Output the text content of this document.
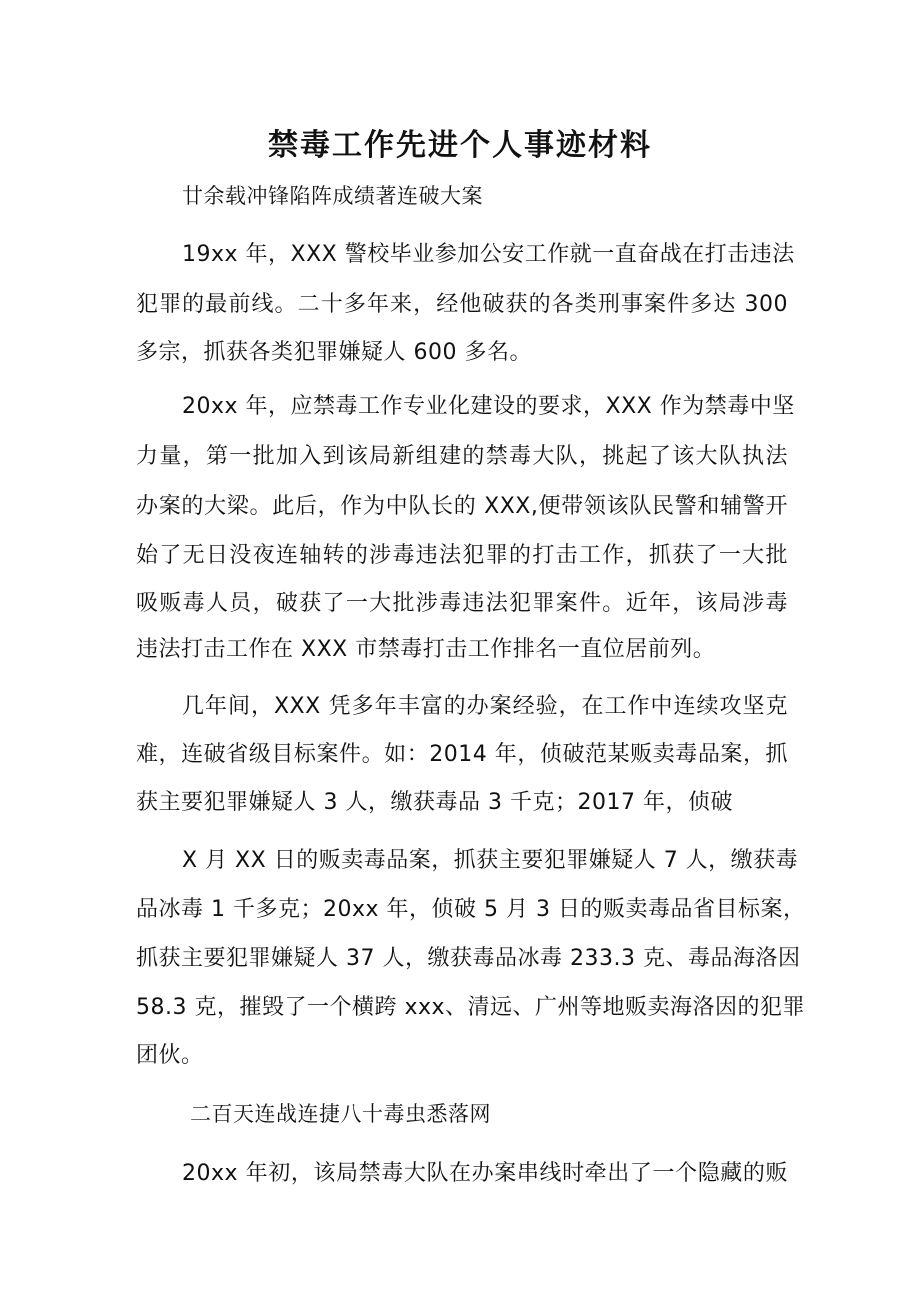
禁毒工作先进个人事迹材料
廿余载冲锋陷阵成绩著连破大案
19xx 年，XXX 警校毕业参加公安工作就一直奋战在打击违法
犯罪的最前线。二十多年来，经他破获的各类刑事案件多达 300
多宗，抓获各类犯罪嫌疑人 600 多名。
20xx 年，应禁毒工作专业化建设的要求，XXX 作为禁毒中坚
力量，第一批加入到该局新组建的禁毒大队，挑起了该大队执法
办案的大梁。此后，作为中队长的 XXX,便带领该队民警和辅警开
始了无日没夜连轴转的涉毒违法犯罪的打击工作，抓获了一大批
吸贩毒人员，破获了一大批涉毒违法犯罪案件。近年，该局涉毒
违法打击工作在 XXX 市禁毒打击工作排名一直位居前列。
几年间，XXX 凭多年丰富的办案经验，在工作中连续攻坚克
难，连破省级目标案件。如：2014 年，侦破范某贩卖毒品案，抓
获主要犯罪嫌疑人 3 人，缴获毒品 3 千克；2017 年，侦破
X 月 XX 日的贩卖毒品案，抓获主要犯罪嫌疑人 7 人，缴获毒
品冰毒 1 千多克；20xx 年，侦破 5 月 3 日的贩卖毒品省目标案，
抓获主要犯罪嫌疑人 37 人，缴获毒品冰毒 233.3 克、毒品海洛因
58.3 克，摧毁了一个横跨 xxx、清远、广州等地贩卖海洛因的犯罪
团伙。
二百天连战连捷八十毒虫悉落网
20xx 年初，该局禁毒大队在办案串线时牵出了一个隐藏的贩
